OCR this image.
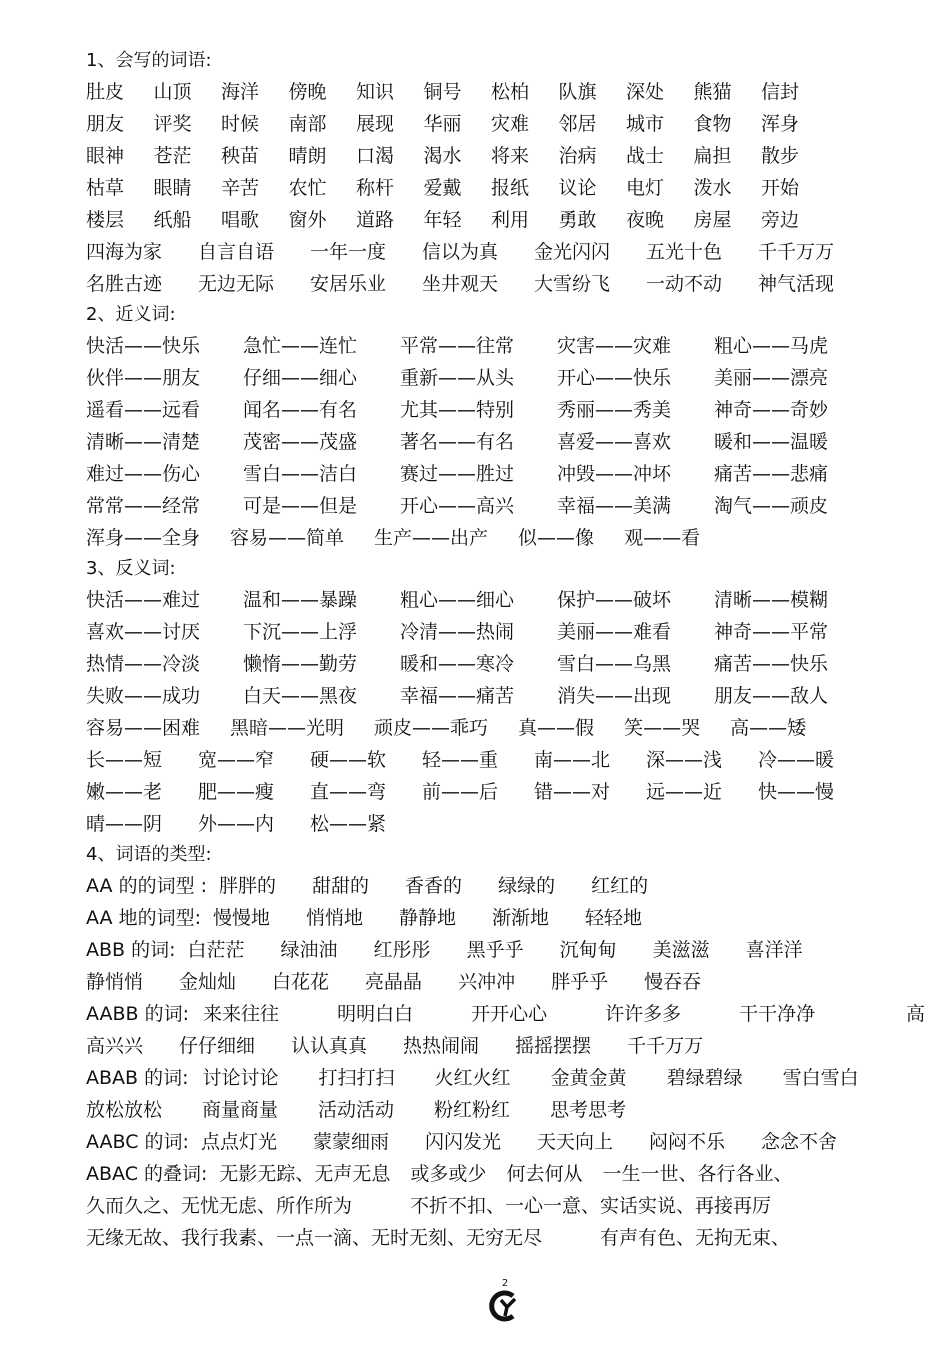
1、会写的词语:
肚皮 山顶 海洋 傍晚 知识 铜号 松柏 队旗 深处 熊猫 信封
朋友 评奖 时候 南部 展现 华丽 灾难 邻居 城市 食物 浑身
眼神 苍茫 秧苗 晴朗 口渴 渴水 将来 治病 战士 扁担 散步
枯草 眼睛 辛苦 农忙 称杆 爱戴 报纸 议论 电灯 泼水 开始
楼层 纸船 唱歌 窗外 道路 年轻 利用 勇敢 夜晚 房屋 旁边
四海为家 自言自语 一年一度 信以为真 金光闪闪 五光十色 千千万万
名胜古迹 无边无际 安居乐业 坐井观天 大雪纷飞 一动不动 神气活现
2、近义词:
快活——快乐 急忙——连忙 平常——往常 灾害——灾难 粗心——马虎
伙伴——朋友 仔细——细心 重新——从头 开心——快乐 美丽——漂亮
遥看——远看 闻名——有名 尤其——特别 秀丽——秀美 神奇——奇妙
清晰——清楚 茂密——茂盛 著名——有名 喜爱——喜欢 暖和——温暖
难过——伤心 雪白——洁白 赛过——胜过 冲毁——冲坏 痛苦——悲痛
常常——经常 可是——但是 开心——高兴 幸福——美满 淘气——顽皮
浑身——全身 容易——简单 生产——出产 似——像 观——看
3、反义词:
快活——难过 温和——暴躁 粗心——细心 保护——破坏 清晰——模糊
喜欢——讨厌 下沉——上浮 冷清——热闹 美丽——难看 神奇——平常
热情——冷淡 懒惰——勤劳 暖和——寒冷 雪白——乌黑 痛苦——快乐
失败——成功 白天——黑夜 幸福——痛苦 消失——出现 朋友——敌人
容易——困难 黑暗——光明 顽皮——乖巧 真——假 笑——哭 高——矮
长——短 宽——窄 硬——软 轻——重 南——北 深——浅 冷——暖
嫩——老 肥——瘦 直——弯 前——后 错——对 远——近 快——慢
晴——阴 外——内 松——紧
4、词语的类型:
AA 的的词型 : 胖胖的 甜甜的 香香的 绿绿的 红红的
AA 地的词型: 慢慢地 悄悄地 静静地 渐渐地 轻轻地
ABB 的词: 白茫茫 绿油油 红彤彤 黑乎乎 沉甸甸 美滋滋 喜洋洋
静悄悄 金灿灿 白花花 亮晶晶 兴冲冲 胖乎乎 慢吞吞
AABB 的词:来来往往	明明白白	开开心心	许许多多	干干净净	高
高兴兴 仔仔细细 认认真真 热热闹闹 摇摇摆摆 千千万万
ABAB 的词: 讨论讨论 打扫打扫 火红火红 金黄金黄 碧绿碧绿 雪白雪白
放松放松 商量商量 活动活动 粉红粉红 思考思考
AABC 的词: 点点灯光 蒙蒙细雨 闪闪发光 天天向上 闷闷不乐 念念不舍
ABAC 的叠词: 无影无踪、无声无息 或多或少 何去何从 一生一世、各行各业、
久而久之、无忧无虑、所作所为	不折不扣、一心一意、实话实说、再接再厉
无缘无故、我行我素、一点一滴、无时无刻、无穷无尽	有声有色、无拘无束、
2
